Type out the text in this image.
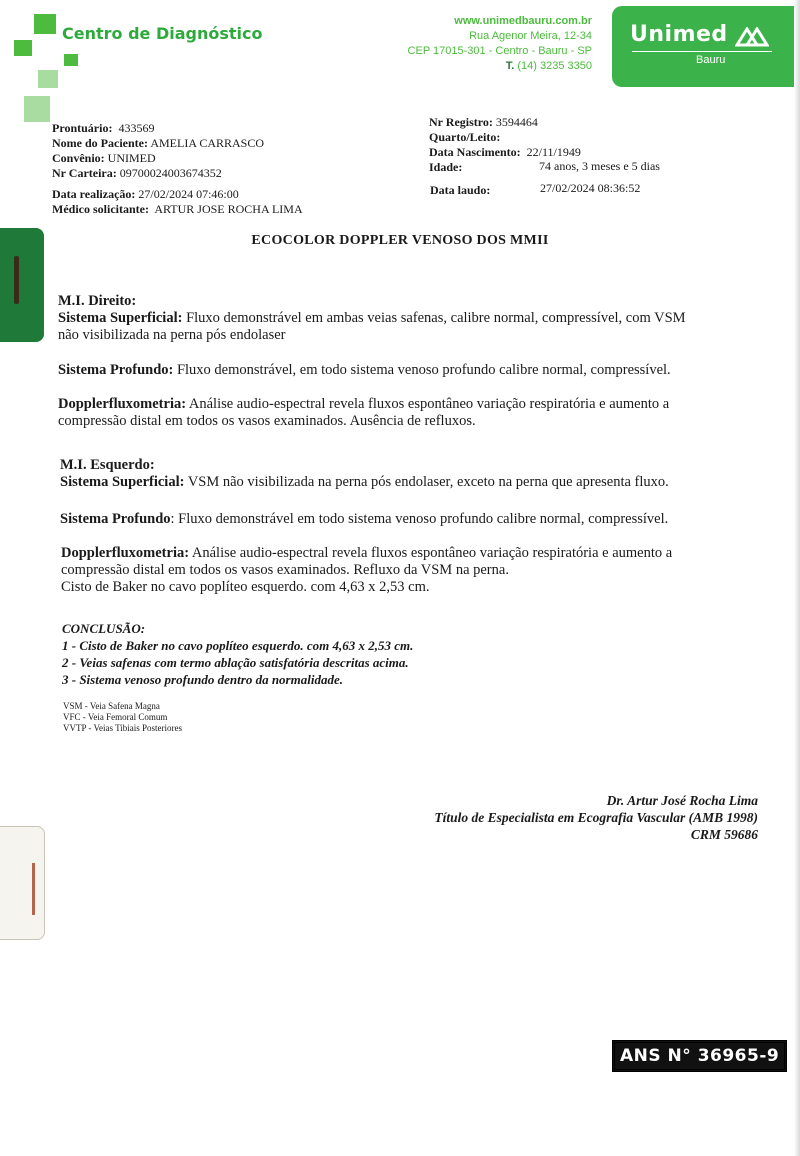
Centro de Diagnóstico
www.unimedbauru.com.br
Rua Agenor Meira, 12-34
CEP 17015-301 - Centro - Bauru - SP
T. (14) 3235 3350
Unimed
Bauru
Prontuário: 433569
Nome do Paciente: AMELIA CARRASCO
Convênio: UNIMED
Nr Carteira: 09700024003674352
Data realização: 27/02/2024 07:46:00
Médico solicitante: ARTUR JOSE ROCHA LIMA
Nr Registro: 3594464
Quarto/Leito:
Data Nascimento: 22/11/1949
Idade:	74 anos, 3 meses e 5 dias
Data laudo:	27/02/2024 08:36:52
ECOCOLOR DOPPLER VENOSO DOS MMII
M.I. Direito:
Sistema Superficial: Fluxo demonstrável em ambas veias safenas, calibre normal, compressível, com VSM
não visibilizada na perna pós endolaser
Sistema Profundo: Fluxo demonstrável, em todo sistema venoso profundo calibre normal, compressível.
Dopplerfluxometria: Análise audio-espectral revela fluxos espontâneo variação respiratória e aumento a
compressão distal em todos os vasos examinados. Ausência de refluxos.
M.I. Esquerdo:
Sistema Superficial: VSM não visibilizada na perna pós endolaser, exceto na perna que apresenta fluxo.
Sistema Profundo: Fluxo demonstrável em todo sistema venoso profundo calibre normal, compressível.
Dopplerfluxometria: Análise audio-espectral revela fluxos espontâneo variação respiratória e aumento a
compressão distal em todos os vasos examinados. Refluxo da VSM na perna.
Cisto de Baker no cavo poplíteo esquerdo. com 4,63 x 2,53 cm.
CONCLUSÃO:
1 - Cisto de Baker no cavo poplíteo esquerdo. com 4,63 x 2,53 cm.
2 - Veias safenas com termo ablação satisfatória descritas acima.
3 - Sistema venoso profundo dentro da normalidade.
VSM - Veia Safena Magna
VFC - Veia Femoral Comum
VVTP - Veias Tibiais Posteriores
Dr. Artur José Rocha Lima
Título de Especialista em Ecografia Vascular (AMB 1998)
CRM 59686
ANS N° 36965-9
